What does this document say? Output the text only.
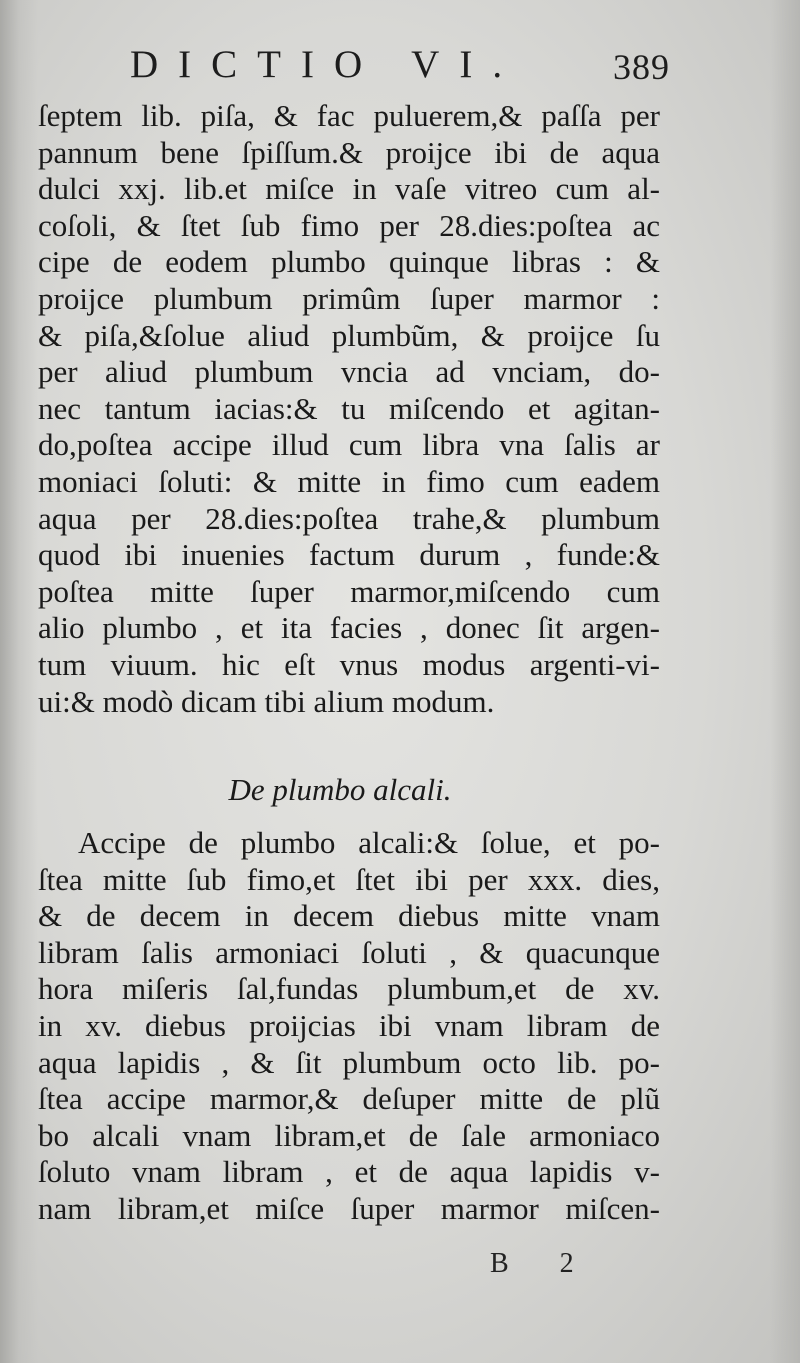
DICTIO VI.	389
ſeptem lib. piſa, & fac puluerem,& paſſa per
pannum bene ſpiſſum.& proijce ibi de aqua
dulci xxj. lib.et miſce in vaſe vitreo cum al-
coſoli, & ſtet ſub fimo per 28.dies:poſtea ac
cipe de eodem plumbo quinque libras : &
proijce plumbum primûm ſuper marmor :
& piſa,&ſolue aliud plumbũm, & proijce ſu
per aliud plumbum vncia ad vnciam, do-
nec tantum iacias:& tu miſcendo et agitan-
do,poſtea accipe illud cum libra vna ſalis ar
moniaci ſoluti: & mitte in fimo cum eadem
aqua per 28.dies:poſtea trahe,& plumbum
quod ibi inuenies factum durum , funde:&
poſtea mitte ſuper marmor,miſcendo cum
alio plumbo , et ita facies , donec ſit argen-
tum viuum. hic eſt vnus modus argenti-vi-
ui:& modò dicam tibi alium modum.
De plumbo alcali.
Accipe de plumbo alcali:& ſolue, et po-
ſtea mitte ſub fimo,et ſtet ibi per xxx. dies,
& de decem in decem diebus mitte vnam
libram ſalis armoniaci ſoluti , & quacunque
hora miſeris ſal,fundas plumbum,et de xv.
in xv. diebus proijcias ibi vnam libram de
aqua lapidis , & ſit plumbum octo lib. po-
ſtea accipe marmor,& deſuper mitte de plũ
bo alcali vnam libram,et de ſale armoniaco
ſoluto vnam libram , et de aqua lapidis v-
nam libram,et miſce ſuper marmor miſcen-
B 2
